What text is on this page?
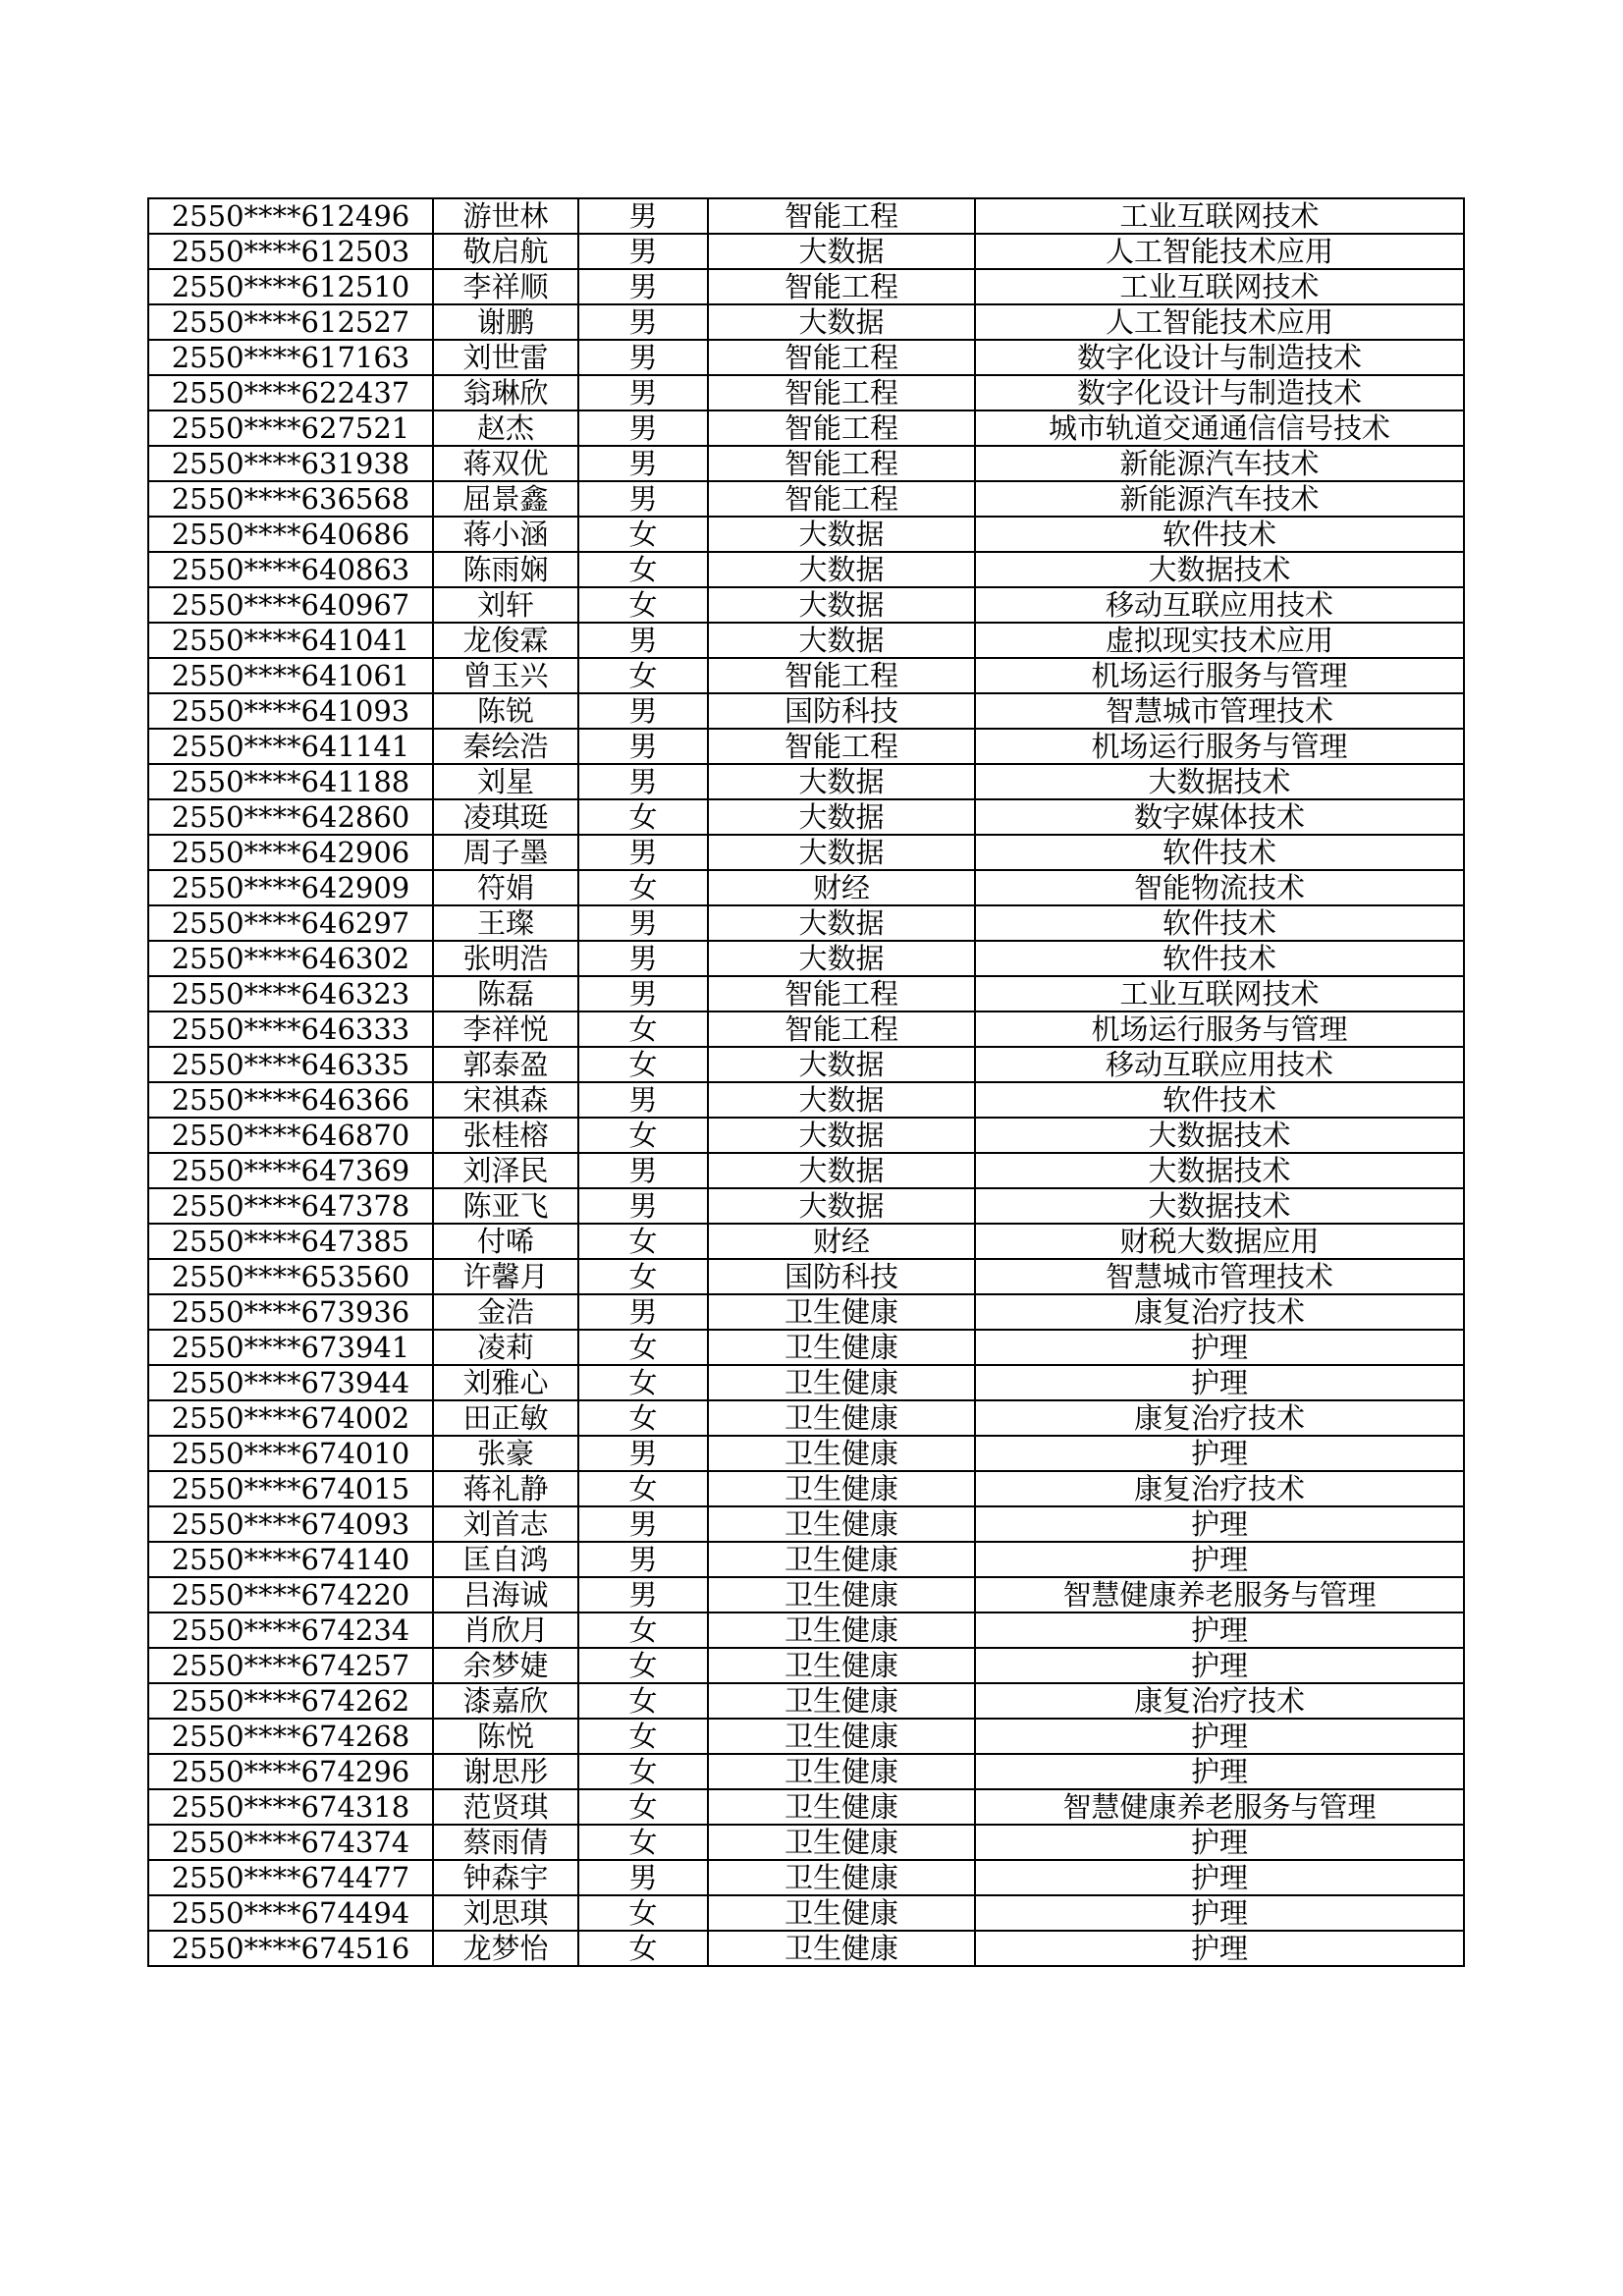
2550****612496	游世林	男	智能工程	工业互联网技术
2550****612503	敬启航	男	大数据	人工智能技术应用
2550****612510	李祥顺	男	智能工程	工业互联网技术
2550****612527	谢鹏	男	大数据	人工智能技术应用
2550****617163	刘世雷	男	智能工程	数字化设计与制造技术
2550****622437	翁琳欣	男	智能工程	数字化设计与制造技术
2550****627521	赵杰	男	智能工程	城市轨道交通通信信号技术
2550****631938	蒋双优	男	智能工程	新能源汽车技术
2550****636568	屈景鑫	男	智能工程	新能源汽车技术
2550****640686	蒋小涵	女	大数据	软件技术
2550****640863	陈雨娴	女	大数据	大数据技术
2550****640967	刘轩	女	大数据	移动互联应用技术
2550****641041	龙俊霖	男	大数据	虚拟现实技术应用
2550****641061	曾玉兴	女	智能工程	机场运行服务与管理
2550****641093	陈锐	男	国防科技	智慧城市管理技术
2550****641141	秦绘浩	男	智能工程	机场运行服务与管理
2550****641188	刘星	男	大数据	大数据技术
2550****642860	凌琪珽	女	大数据	数字媒体技术
2550****642906	周子墨	男	大数据	软件技术
2550****642909	符娟	女	财经	智能物流技术
2550****646297	王璨	男	大数据	软件技术
2550****646302	张明浩	男	大数据	软件技术
2550****646323	陈磊	男	智能工程	工业互联网技术
2550****646333	李祥悦	女	智能工程	机场运行服务与管理
2550****646335	郭泰盈	女	大数据	移动互联应用技术
2550****646366	宋祺森	男	大数据	软件技术
2550****646870	张桂榕	女	大数据	大数据技术
2550****647369	刘泽民	男	大数据	大数据技术
2550****647378	陈亚飞	男	大数据	大数据技术
2550****647385	付唏	女	财经	财税大数据应用
2550****653560	许馨月	女	国防科技	智慧城市管理技术
2550****673936	金浩	男	卫生健康	康复治疗技术
2550****673941	凌莉	女	卫生健康	护理
2550****673944	刘雅心	女	卫生健康	护理
2550****674002	田正敏	女	卫生健康	康复治疗技术
2550****674010	张豪	男	卫生健康	护理
2550****674015	蒋礼静	女	卫生健康	康复治疗技术
2550****674093	刘首志	男	卫生健康	护理
2550****674140	匡自鸿	男	卫生健康	护理
2550****674220	吕海诚	男	卫生健康	智慧健康养老服务与管理
2550****674234	肖欣月	女	卫生健康	护理
2550****674257	余梦婕	女	卫生健康	护理
2550****674262	漆嘉欣	女	卫生健康	康复治疗技术
2550****674268	陈悦	女	卫生健康	护理
2550****674296	谢思彤	女	卫生健康	护理
2550****674318	范贤琪	女	卫生健康	智慧健康养老服务与管理
2550****674374	蔡雨倩	女	卫生健康	护理
2550****674477	钟森宇	男	卫生健康	护理
2550****674494	刘思琪	女	卫生健康	护理
2550****674516	龙梦怡	女	卫生健康	护理
